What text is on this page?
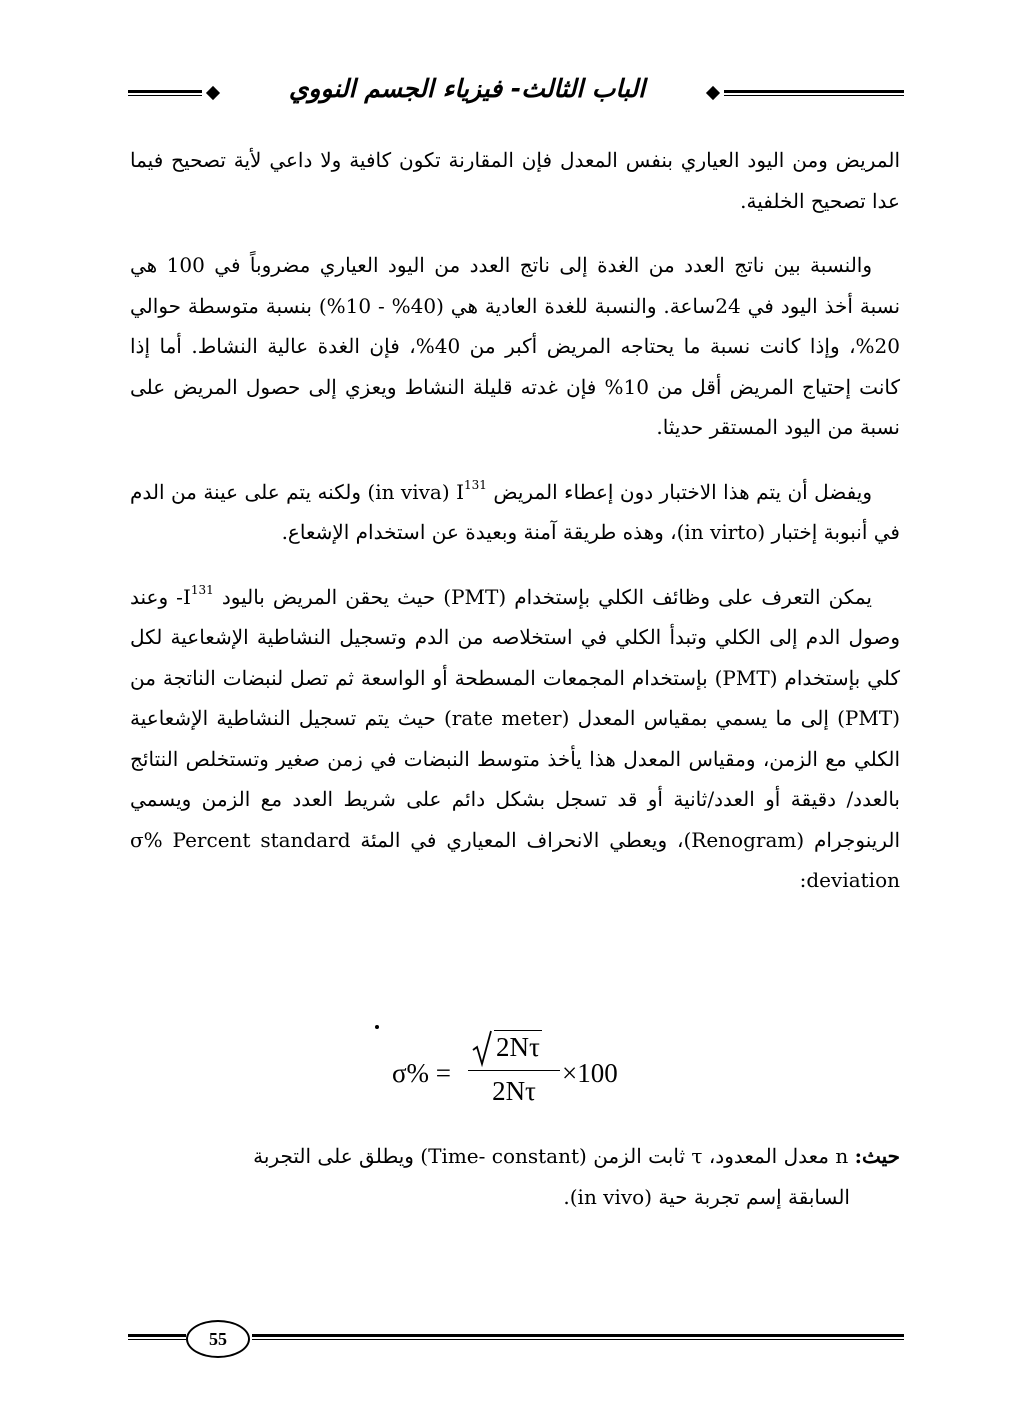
الباب الثالث- فيزياء الجسم النووي

المريض ومن اليود العياري بنفس المعدل فإن المقارنة تكون كافية ولا داعي لأية تصحيح فيما عدا تصحيح الخلفية.

والنسبة بين ناتج العدد من الغدة إلى ناتج العدد من اليود العياري مضروباً في 100 هي نسبة أخذ اليود في 24ساعة. والنسبة للغدة العادية هي (40% - 10%) بنسبة متوسطة حوالي 20%، وإذا كانت نسبة ما يحتاجه المريض أكبر من 40%، فإن الغدة عالية النشاط. أما إذا كانت إحتياج المريض أقل من 10% فإن غدته قليلة النشاط ويعزي إلى حصول المريض على نسبة من اليود المستقر حديثا.

ويفضل أن يتم هذا الاختبار دون إعطاء المريض $I^{131}$ (in viva) ولكنه يتم على عينة من الدم في أنبوبة إختبار (in virto)، وهذه طريقة آمنة وبعيدة عن استخدام الإشعاع.

يمكن التعرف على وظائف الكلي بإستخدام (PMT) حيث يحقن المريض باليود $I^{131}-$ وعند وصول الدم إلى الكلي وتبدأ الكلي في استخلاصه من الدم وتسجيل النشاطية الإشعاعية لكل كلي بإستخدام (PMT) بإستخدام المجمعات المسطحة أو الواسعة ثم تصل لنبضات الناتجة من (PMT) إلى ما يسمي بمقياس المعدل (rate meter) حيث يتم تسجيل النشاطية الإشعاعية الكلي مع الزمن، ومقياس المعدل هذا يأخذ متوسط النبضات في زمن صغير وتستخلص النتائج بالعدد/ دقيقة أو العدد/ثانية أو قد تسجل بشكل دائم على شريط العدد مع الزمن ويسمي الرينوجرام (Renogram)، ويعطي الانحراف المعياري في المئة σ% Percent standard deviation:

σ% =
2Nτ
2Nτ
×100
حيث: n معدل المعدود، τ ثابت الزمن (Time- constant) ويطلق على التجربة
السابقة إسم تجربة حية (in vivo).
55
